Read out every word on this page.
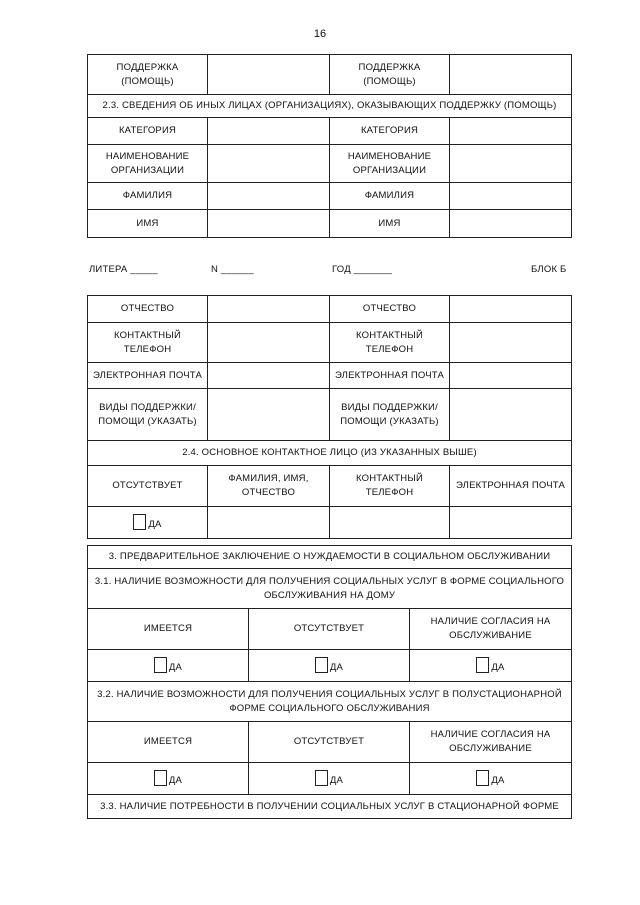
16
ПОДДЕРЖКА (ПОМОЩЬ)		ПОДДЕРЖКА (ПОМОЩЬ)	
2.3. СВЕДЕНИЯ ОБ ИНЫХ ЛИЦАХ (ОРГАНИЗАЦИЯХ), ОКАЗЫВАЮЩИХ ПОДДЕРЖКУ (ПОМОЩЬ)			
КАТЕГОРИЯ		КАТЕГОРИЯ	
НАИМЕНОВАНИЕ ОРГАНИЗАЦИИ		НАИМЕНОВАНИЕ ОРГАНИЗАЦИИ	
ФАМИЛИЯ		ФАМИЛИЯ	
ИМЯ		ИМЯ	
ЛИТЕРА _____	N ______	ГОД _______	БЛОК Б
ОТЧЕСТВО		ОТЧЕСТВО	
КОНТАКТНЫЙ ТЕЛЕФОН		КОНТАКТНЫЙ ТЕЛЕФОН	
ЭЛЕКТРОННАЯ ПОЧТА		ЭЛЕКТРОННАЯ ПОЧТА	
ВИДЫ ПОДДЕРЖКИ/ПОМОЩИ (УКАЗАТЬ)		ВИДЫ ПОДДЕРЖКИ/ПОМОЩИ (УКАЗАТЬ)	
2.4. ОСНОВНОЕ КОНТАКТНОЕ ЛИЦО (ИЗ УКАЗАННЫХ ВЫШЕ)			
ОТСУТСТВУЕТ	ФАМИЛИЯ, ИМЯ, ОТЧЕСТВО	КОНТАКТНЫЙ ТЕЛЕФОН	ЭЛЕКТРОННАЯ ПОЧТА
ДА			
3. ПРЕДВАРИТЕЛЬНОЕ ЗАКЛЮЧЕНИЕ О НУЖДАЕМОСТИ В СОЦИАЛЬНОМ ОБСЛУЖИВАНИИ		
3.1. НАЛИЧИЕ ВОЗМОЖНОСТИ ДЛЯ ПОЛУЧЕНИЯ СОЦИАЛЬНЫХ УСЛУГ В ФОРМЕ СОЦИАЛЬНОГО ОБСЛУЖИВАНИЯ НА ДОМУ		
ИМЕЕТСЯ	ОТСУТСТВУЕТ	НАЛИЧИЕ СОГЛАСИЯ НА ОБСЛУЖИВАНИЕ
ДА	ДА	ДА
3.2. НАЛИЧИЕ ВОЗМОЖНОСТИ ДЛЯ ПОЛУЧЕНИЯ СОЦИАЛЬНЫХ УСЛУГ В ПОЛУСТАЦИОНАРНОЙ ФОРМЕ СОЦИАЛЬНОГО ОБСЛУЖИВАНИЯ		
ИМЕЕТСЯ	ОТСУТСТВУЕТ	НАЛИЧИЕ СОГЛАСИЯ НА ОБСЛУЖИВАНИЕ
ДА	ДА	ДА
3.3. НАЛИЧИЕ ПОТРЕБНОСТИ В ПОЛУЧЕНИИ СОЦИАЛЬНЫХ УСЛУГ В СТАЦИОНАРНОЙ ФОРМЕ		
